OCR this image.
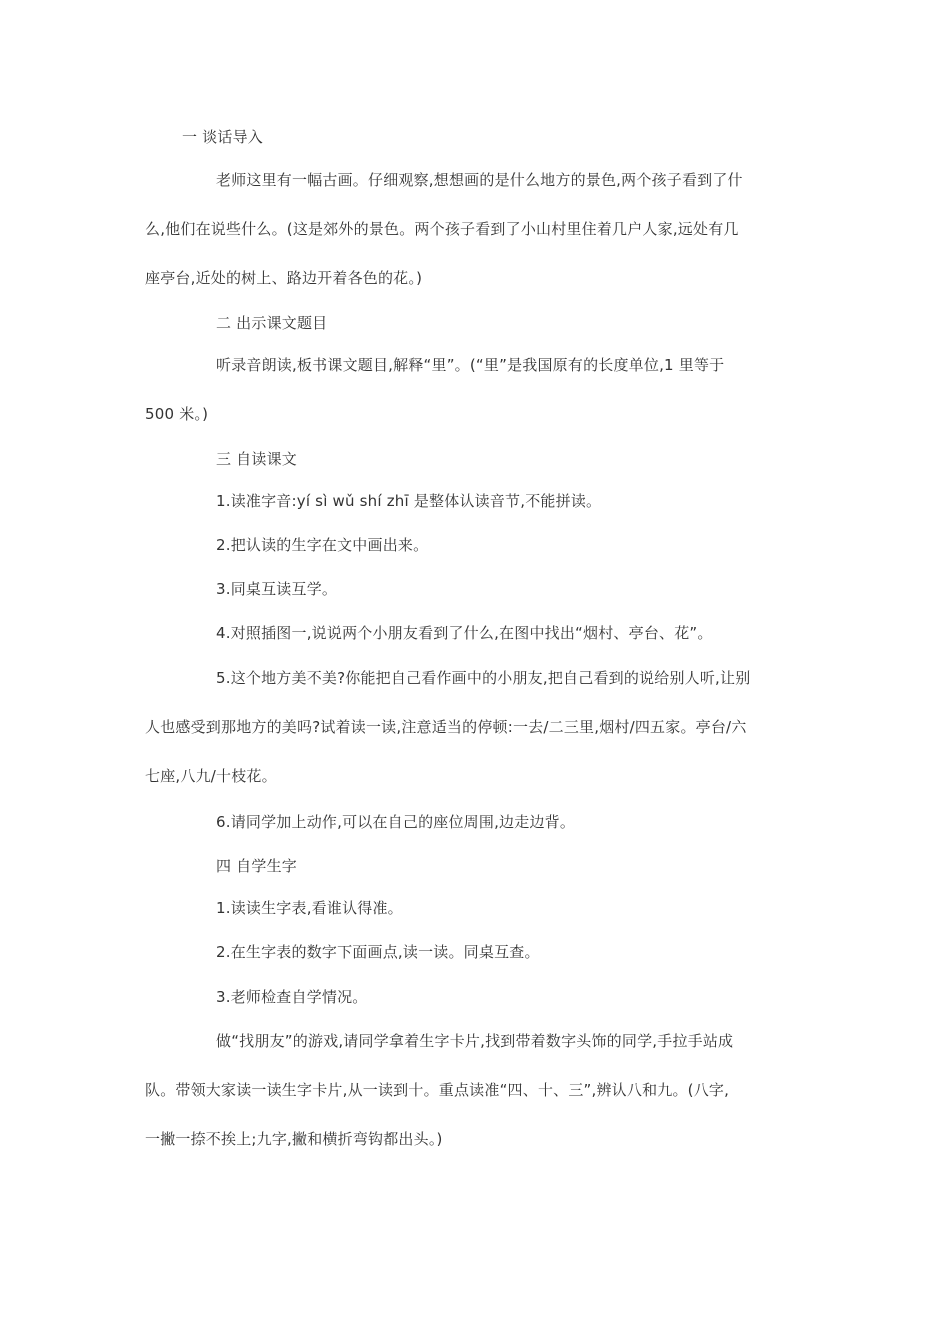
一 谈话导入
老师这里有一幅古画。仔细观察,想想画的是什么地方的景色,两个孩子看到了什
么,他们在说些什么。(这是郊外的景色。两个孩子看到了小山村里住着几户人家,远处有几
座亭台,近处的树上、路边开着各色的花。)
二 出示课文题目
听录音朗读,板书课文题目,解释“里”。(“里”是我国原有的长度单位,1 里等于
500 米。)
三 自读课文
1.读准字音:yí sì wǔ shí zhī 是整体认读音节,不能拼读。
2.把认读的生字在文中画出来。
3.同桌互读互学。
4.对照插图一,说说两个小朋友看到了什么,在图中找出“烟村、亭台、花”。
5.这个地方美不美?你能把自己看作画中的小朋友,把自己看到的说给别人听,让别
人也感受到那地方的美吗?试着读一读,注意适当的停顿:一去/二三里,烟村/四五家。亭台/六
七座,八九/十枝花。
6.请同学加上动作,可以在自己的座位周围,边走边背。
四 自学生字
1.读读生字表,看谁认得准。
2.在生字表的数字下面画点,读一读。同桌互查。
3.老师检查自学情况。
做“找朋友”的游戏,请同学拿着生字卡片,找到带着数字头饰的同学,手拉手站成
队。带领大家读一读生字卡片,从一读到十。重点读准“四、十、三”,辨认八和九。(八字,
一撇一捺不挨上;九字,撇和横折弯钩都出头。)
